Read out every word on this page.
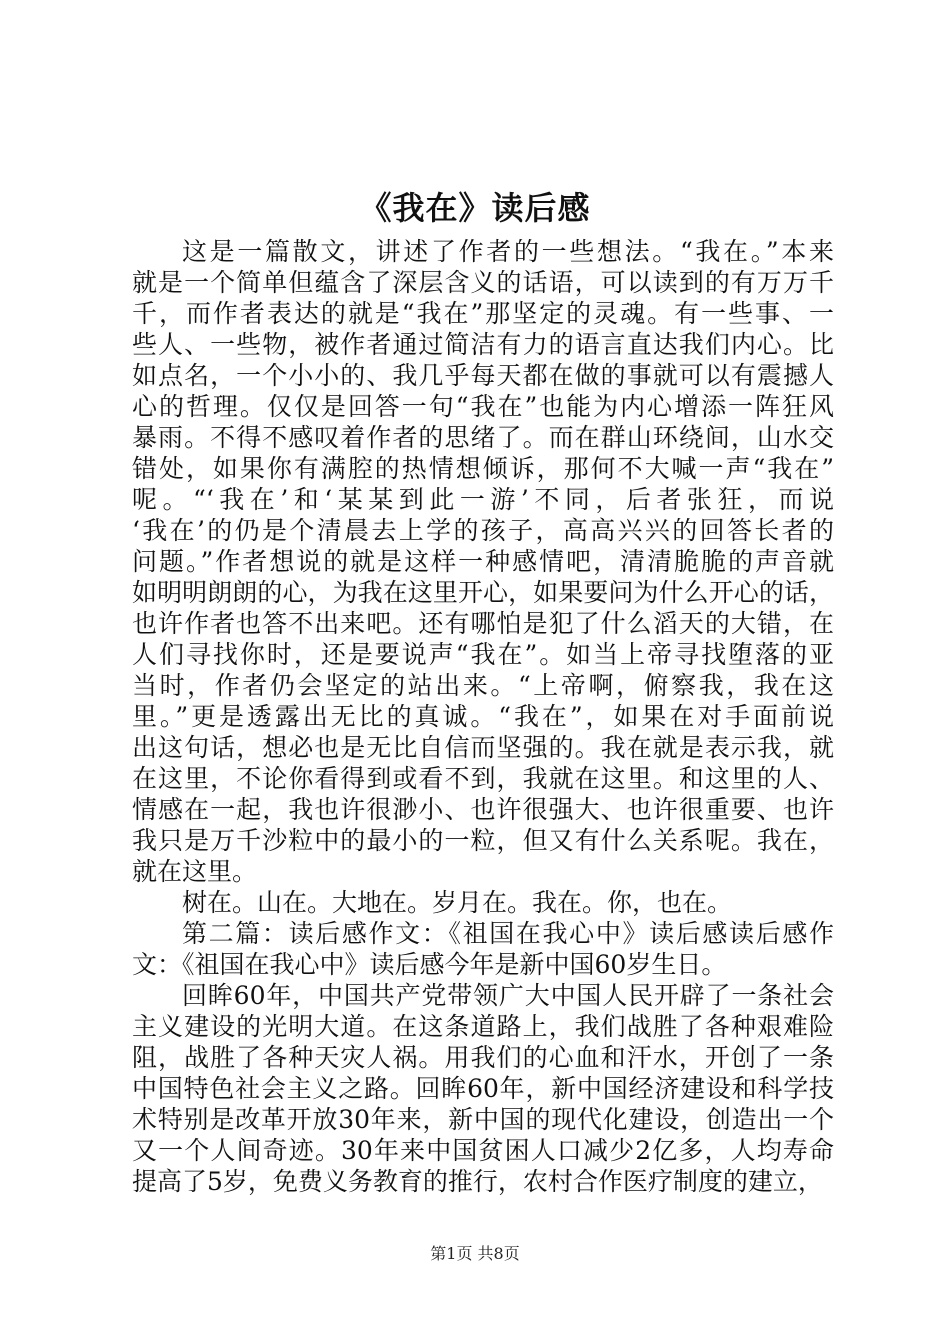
《我在》读后感
这是一篇散文，讲述了作者的一些想法。“我在。”本来
就是一个简单但蕴含了深层含义的话语，可以读到的有万万千
千，而作者表达的就是“我在”那坚定的灵魂。有一些事、一
些人、一些物，被作者通过简洁有力的语言直达我们内心。比
如点名，一个小小的、我几乎每天都在做的事就可以有震撼人
心的哲理。仅仅是回答一句“我在”也能为内心增添一阵狂风
暴雨。不得不感叹着作者的思绪了。而在群山环绕间，山水交
错处，如果你有满腔的热情想倾诉，那何不大喊一声“我在”
呢。“‘我在’和‘某某到此一游’不同，后者张狂，而说
‘我在’的仍是个清晨去上学的孩子，高高兴兴的回答长者的
问题。”作者想说的就是这样一种感情吧，清清脆脆的声音就
如明明朗朗的心，为我在这里开心，如果要问为什么开心的话，
也许作者也答不出来吧。还有哪怕是犯了什么滔天的大错，在
人们寻找你时，还是要说声“我在”。如当上帝寻找堕落的亚
当时，作者仍会坚定的站出来。“上帝啊，俯察我，我在这
里。”更是透露出无比的真诚。“我在”，如果在对手面前说
出这句话，想必也是无比自信而坚强的。我在就是表示我，就
在这里，不论你看得到或看不到，我就在这里。和这里的人、
情感在一起，我也许很渺小、也许很强大、也许很重要、也许
我只是万千沙粒中的最小的一粒，但又有什么关系呢。我在，
就在这里。
树在。山在。大地在。岁月在。我在。你，也在。
第二篇：读后感作文：《祖国在我心中》读后感读后感作
文：《祖国在我心中》读后感今年是新中国60岁生日。
回眸60年，中国共产党带领广大中国人民开辟了一条社会
主义建设的光明大道。在这条道路上，我们战胜了各种艰难险
阻，战胜了各种天灾人祸。用我们的心血和汗水，开创了一条
中国特色社会主义之路。回眸60年，新中国经济建设和科学技
术特别是改革开放30年来，新中国的现代化建设，创造出一个
又一个人间奇迹。30年来中国贫困人口减少2亿多，人均寿命
提高了5岁，免费义务教育的推行，农村合作医疗制度的建立，
第1页 共8页
